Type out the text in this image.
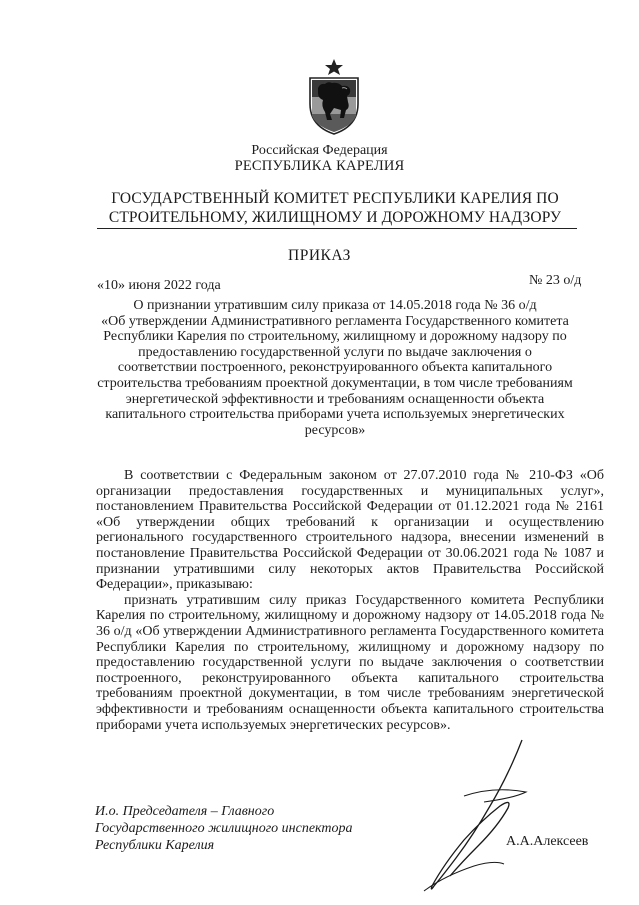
Российская Федерация
РЕСПУБЛИКА КАРЕЛИЯ
ГОСУДАРСТВЕННЫЙ КОМИТЕТ РЕСПУБЛИКИ КАРЕЛИЯ ПО
СТРОИТЕЛЬНОМУ, ЖИЛИЩНОМУ И ДОРОЖНОМУ НАДЗОРУ
ПРИКАЗ
«10» июня 2022 года	№ 23 о/д
О признании утратившим силу приказа от 14.05.2018 года № 36 о/д
«Об утверждении Административного регламента Государственного комитета
Республики Карелия по строительному, жилищному и дорожному надзору по
предоставлению государственной услуги по выдаче заключения о
соответствии построенного, реконструированного объекта капитального
строительства требованиям проектной документации, в том числе требованиям
энергетической эффективности и требованиям оснащенности объекта
капитального строительства приборами учета используемых энергетических
ресурсов»

В соответствии с Федеральным законом от 27.07.2010 года № 210-ФЗ «Об организации предоставления государственных и муниципальных услуг», постановлением Правительства Российской Федерации от 01.12.2021 года № 2161 «Об утверждении общих требований к организации и осуществлению регионального государственного строительного надзора, внесении изменений в постановление Правительства Российской Федерации от 30.06.2021 года № 1087 и признании утратившими силу некоторых актов Правительства Российской Федерации», приказываю:

признать утратившим силу приказ Государственного комитета Республики Карелия по строительному, жилищному и дорожному надзору от 14.05.2018 года № 36 о/д «Об утверждении Административного регламента Государственного комитета Республики Карелия по строительному, жилищному и дорожному надзору по предоставлению государственной услуги по выдаче заключения о соответствии построенного, реконструированного объекта капитального строительства требованиям проектной документации, в том числе требованиям энергетической эффективности и требованиям оснащенности объекта капитального строительства приборами учета используемых энергетических ресурсов».

И.о. Председателя – Главного
Государственного жилищного инспектора
Республики Карелия	А.А.Алексеев
